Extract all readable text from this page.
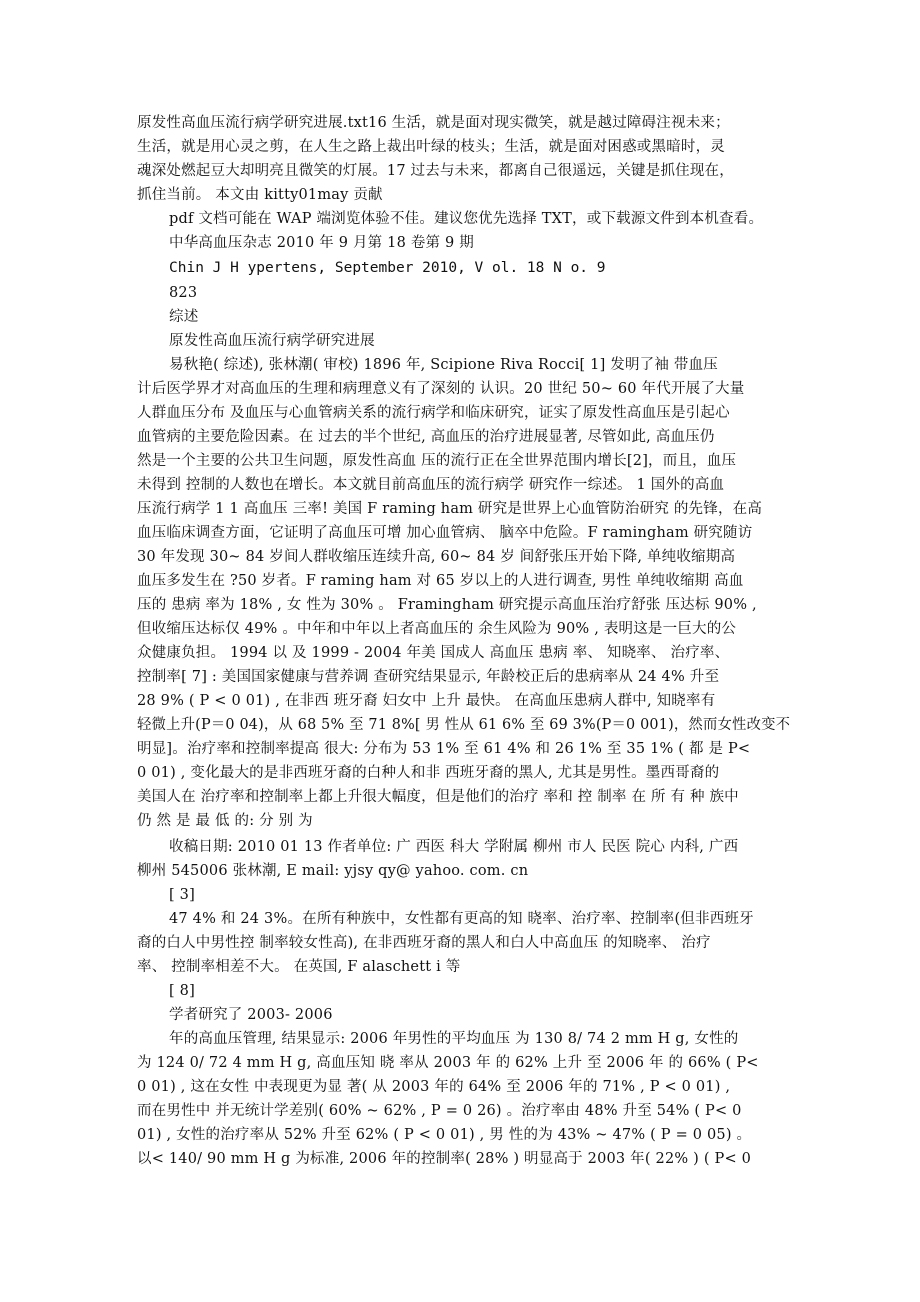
原发性高血压流行病学研究进展.txt16 生活，就是面对现实微笑，就是越过障碍注视未来；
生活，就是用心灵之剪，在人生之路上裁出叶绿的枝头；生活，就是面对困惑或黑暗时，灵
魂深处燃起豆大却明亮且微笑的灯展。17 过去与未来，都离自己很遥远，关键是抓住现在，
抓住当前。 本文由 kitty01may 贡献
pdf 文档可能在 WAP 端浏览体验不佳。建议您优先选择 TXT，或下载源文件到本机查看。
中华高血压杂志 2010 年 9 月第 18 卷第 9 期
Chin J H ypertens, September 2010, V ol. 18 N o. 9
823
综述
原发性高血压流行病学研究进展
易秋艳( 综述), 张林潮( 审校) 1896 年, Scipione Riva Rocci[ 1] 发明了袖 带血压
计后医学界才对高血压的生理和病理意义有了深刻的 认识。20 世纪 50~ 60 年代开展了大量
人群血压分布 及血压与心血管病关系的流行病学和临床研究，证实了原发性高血压是引起心
血管病的主要危险因素。在 过去的半个世纪, 高血压的治疗进展显著, 尽管如此, 高血压仍
然是一个主要的公共卫生问题，原发性高血 压的流行正在全世界范围内增长[2]，而且，血压
未得到 控制的人数也在增长。本文就目前高血压的流行病学 研究作一综述。 1 国外的高血
压流行病学 1 1 高血压 三率! 美国 F raming ham 研究是世界上心血管防治研究 的先锋，在高
血压临床调查方面，它证明了高血压可增 加心血管病、 脑卒中危险。F ramingham 研究随访
30 年发现 30~ 84 岁间人群收缩压连续升高, 60~ 84 岁 间舒张压开始下降, 单纯收缩期高
血压多发生在 ?50 岁者。F raming ham 对 65 岁以上的人进行调查, 男性 单纯收缩期 高血
压的 患病 率为 18% , 女 性为 30% 。 Framingham 研究提示高血压治疗舒张 压达标 90% ,
但收缩压达标仅 49% 。中年和中年以上者高血压的 余生风险为 90% , 表明这是一巨大的公
众健康负担。 1994 以 及 1999 - 2004 年美 国成人 高血压 患病 率、 知晓率、 治疗率、
控制率[ 7] : 美国国家健康与营养调 查研究结果显示, 年龄校正后的患病率从 24 4% 升至
28 9% ( P < 0 01) , 在非西 班牙裔 妇女中 上升 最快。 在高血压患病人群中, 知晓率有
轻微上升(P＝0 04)，从 68 5% 至 71 8%[ 男 性从 61 6% 至 69 3%(P＝0 001)，然而女性改变不
明显]。治疗率和控制率提高 很大: 分布为 53 1% 至 61 4% 和 26 1% 至 35 1% ( 都 是 P<
0 01) , 变化最大的是非西班牙裔的白种人和非 西班牙裔的黑人, 尤其是男性。墨西哥裔的
美国人在 治疗率和控制率上都上升很大幅度，但是他们的治疗 率和 控 制率 在 所 有 种 族中
仍 然 是 最 低 的: 分 别 为
收稿日期: 2010 01 13 作者单位: 广 西医 科大 学附属 柳州 市人 民医 院心 内科, 广西
柳州 545006 张林潮, E mail: yjsy qy@ yahoo. com. cn
[ 3]
47 4% 和 24 3%。在所有种族中，女性都有更高的知 晓率、治疗率、控制率(但非西班牙
裔的白人中男性控 制率较女性高), 在非西班牙裔的黑人和白人中高血压 的知晓率、 治疗
率、 控制率相差不大。 在英国, F alaschett i 等
[ 8]
学者研究了 2003- 2006
年的高血压管理, 结果显示: 2006 年男性的平均血压 为 130 8/ 74 2 mm H g, 女性的
为 124 0/ 72 4 mm H g, 高血压知 晓 率从 2003 年 的 62% 上升 至 2006 年 的 66% ( P<
0 01) , 这在女性 中表现更为显 著( 从 2003 年的 64% 至 2006 年的 71% , P < 0 01) ,
而在男性中 并无统计学差别( 60% ~ 62% , P = 0 26) 。治疗率由 48% 升至 54% ( P< 0
01) , 女性的治疗率从 52% 升至 62% ( P < 0 01) , 男 性的为 43% ~ 47% ( P = 0 05) 。
以< 140/ 90 mm H g 为标准, 2006 年的控制率( 28% ) 明显高于 2003 年( 22% ) ( P< 0
